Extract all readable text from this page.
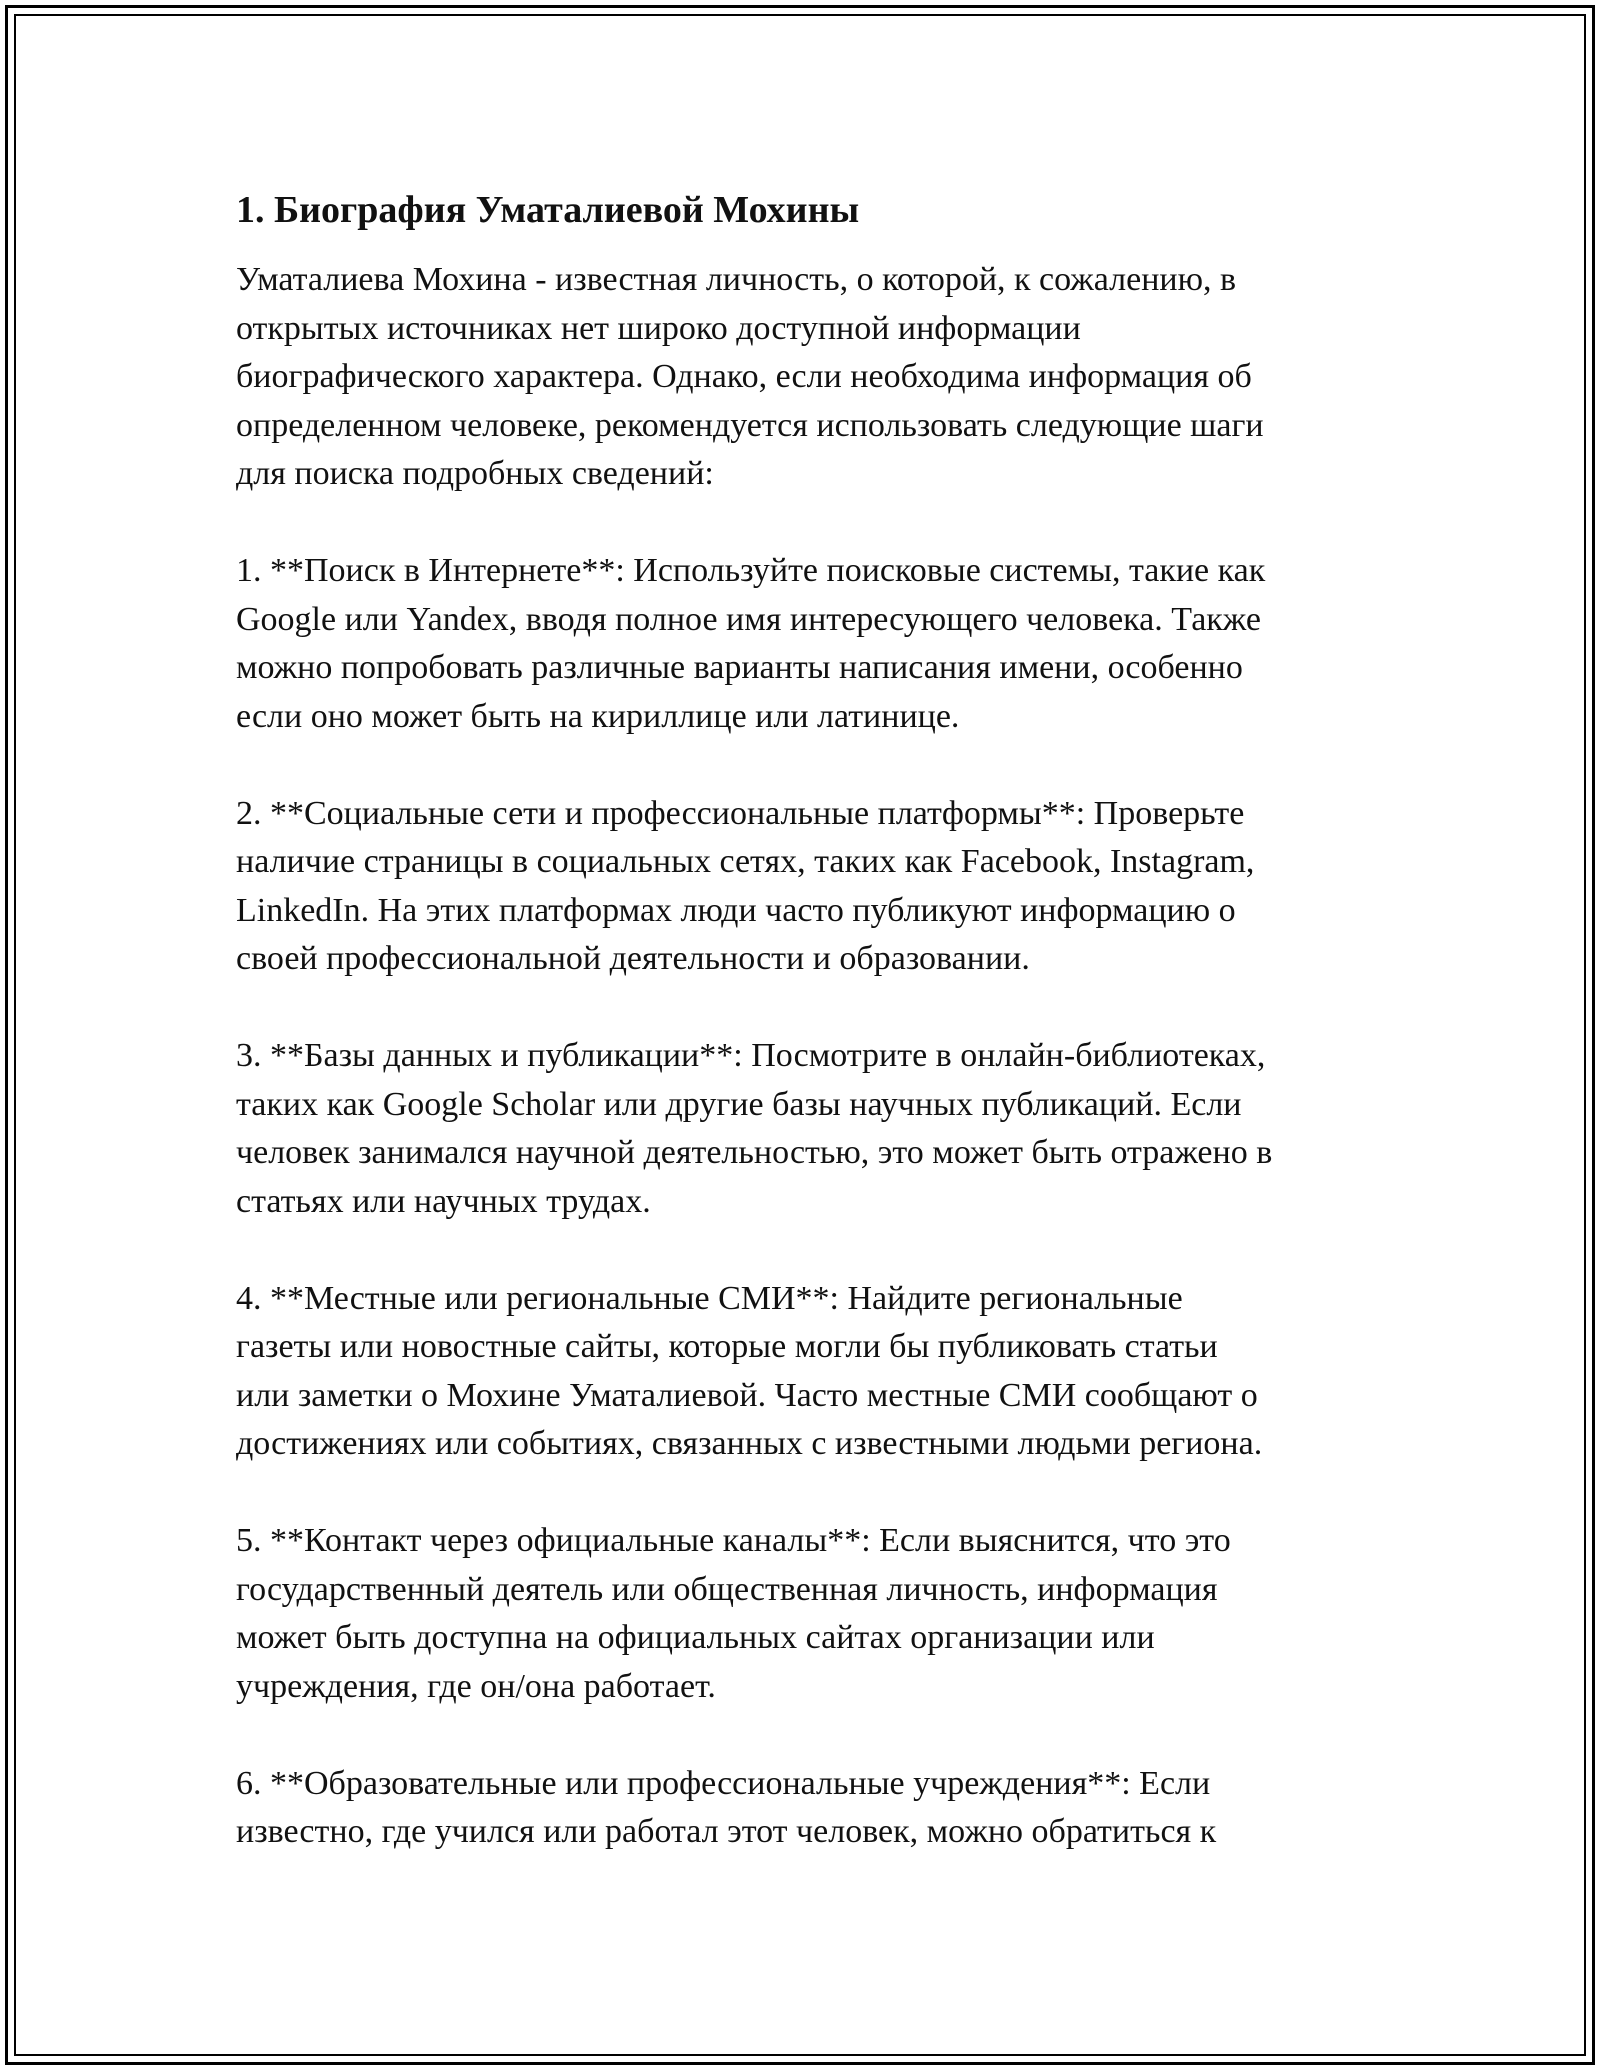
1. Биография Уматалиевой Мохины

Уматалиева Мохина - известная личность, о которой, к сожалению, в
открытых источниках нет широко доступной информации
биографического характера. Однако, если необходима информация об
определенном человеке, рекомендуется использовать следующие шаги
для поиска подробных сведений:

1. **Поиск в Интернете**: Используйте поисковые системы, такие как
Google или Yandex, вводя полное имя интересующего человека. Также
можно попробовать различные варианты написания имени, особенно
если оно может быть на кириллице или латинице.

2. **Социальные сети и профессиональные платформы**: Проверьте
наличие страницы в социальных сетях, таких как Facebook, Instagram,
LinkedIn. На этих платформах люди часто публикуют информацию о
своей профессиональной деятельности и образовании.

3. **Базы данных и публикации**: Посмотрите в онлайн-библиотеках,
таких как Google Scholar или другие базы научных публикаций. Если
человек занимался научной деятельностью, это может быть отражено в
статьях или научных трудах.

4. **Местные или региональные СМИ**: Найдите региональные
газеты или новостные сайты, которые могли бы публиковать статьи
или заметки о Мохине Уматалиевой. Часто местные СМИ сообщают о
достижениях или событиях, связанных с известными людьми региона.

5. **Контакт через официальные каналы**: Если выяснится, что это
государственный деятель или общественная личность, информация
может быть доступна на официальных сайтах организации или
учреждения, где он/она работает.

6. **Образовательные или профессиональные учреждения**: Если
известно, где учился или работал этот человек, можно обратиться к
